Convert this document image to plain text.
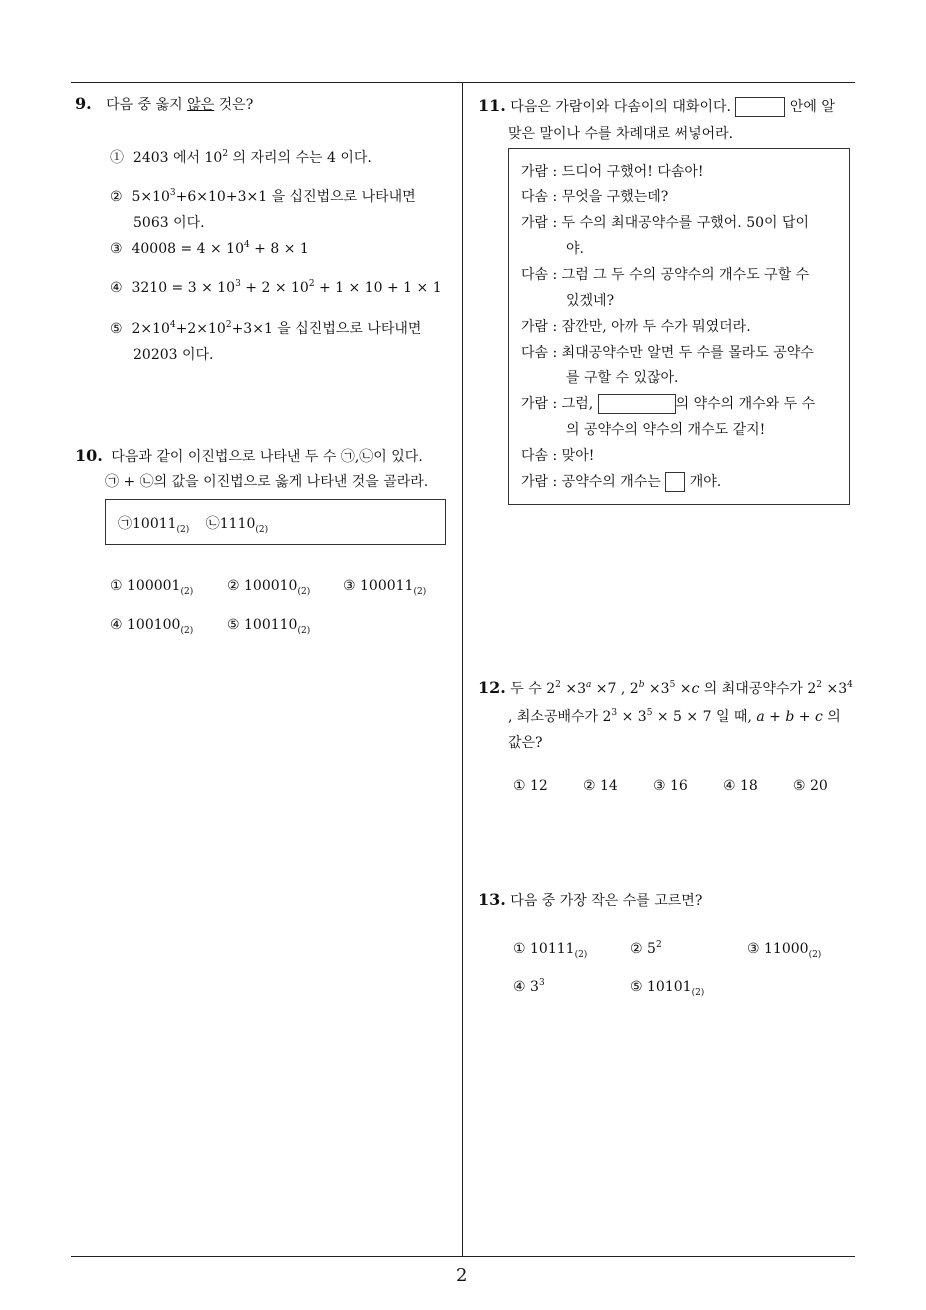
9. 다음 중 옳지 않은 것은?
① 2403 에서 $10^2$ 의 자리의 수는 4 이다.
② $5\times 10^3+6\times 10+3\times 1$ 을 십진법으로 나타내면
5063 이다.
③ $40008 = 4 \times 10^4 + 8 \times 1$
④ $3210 = 3 \times 10^3 + 2 \times 10^2 + 1 \times 10 + 1 \times 1$
⑤ $2\times 10^4+2\times 10^2+3\times 1$ 을 십진법으로 나타내면
20203 이다.
10. 다음과 같이 이진법으로 나타낸 두 수 ㉠,㉡이 있다.
㉠ + ㉡의 값을 이진법으로 옳게 나타낸 것을 골라라.
$㉠10011_{(2)}$ $㉡1110_{(2)}$
① $100001_{(2)}$ ② $100010_{(2)}$ ③ $100011_{(2)}$
④ $100100_{(2)}$ ⑤ $100110_{(2)}$
11. 다음은 가람이와 다솜이의 대화이다.	안에 알
맞은 말이나 수를 차례대로 써넣어라.
가람 : 드디어 구했어! 다솜아!
다솜 : 무엇을 구했는데?
가람 : 두 수의 최대공약수를 구했어. 50이 답이
야.
다솜 : 그럼 그 두 수의 공약수의 개수도 구할 수
있겠네?
가람 : 잠깐만, 아까 두 수가 뭐였더라.
다솜 : 최대공약수만 알면 두 수를 몰라도 공약수
를 구할 수 있잖아.
가람 : 그럼,	의 약수의 개수와 두 수
의 공약수의 약수의 개수도 같지!
다솜 : 맞아!
가람 : 공약수의 개수는 개야.
12. 두 수 $2^2 \times 3^a \times 7$ , $2^b \times 3^5 \times c$ 의 최대공약수가 $2^2 \times 3^4$
, 최소공배수가 $2^3 \times 3^5 \times 5 \times 7$ 일 때, a + b + c 의
값은?
① 12	② 14	③ 16	④ 18	⑤ 20
13. 다음 중 가장 작은 수를 고르면?
① $10111_{(2)}$	② $5^2$	③ $11000_{(2)}$
④ $3^3$	⑤ $10101_{(2)}$
2
